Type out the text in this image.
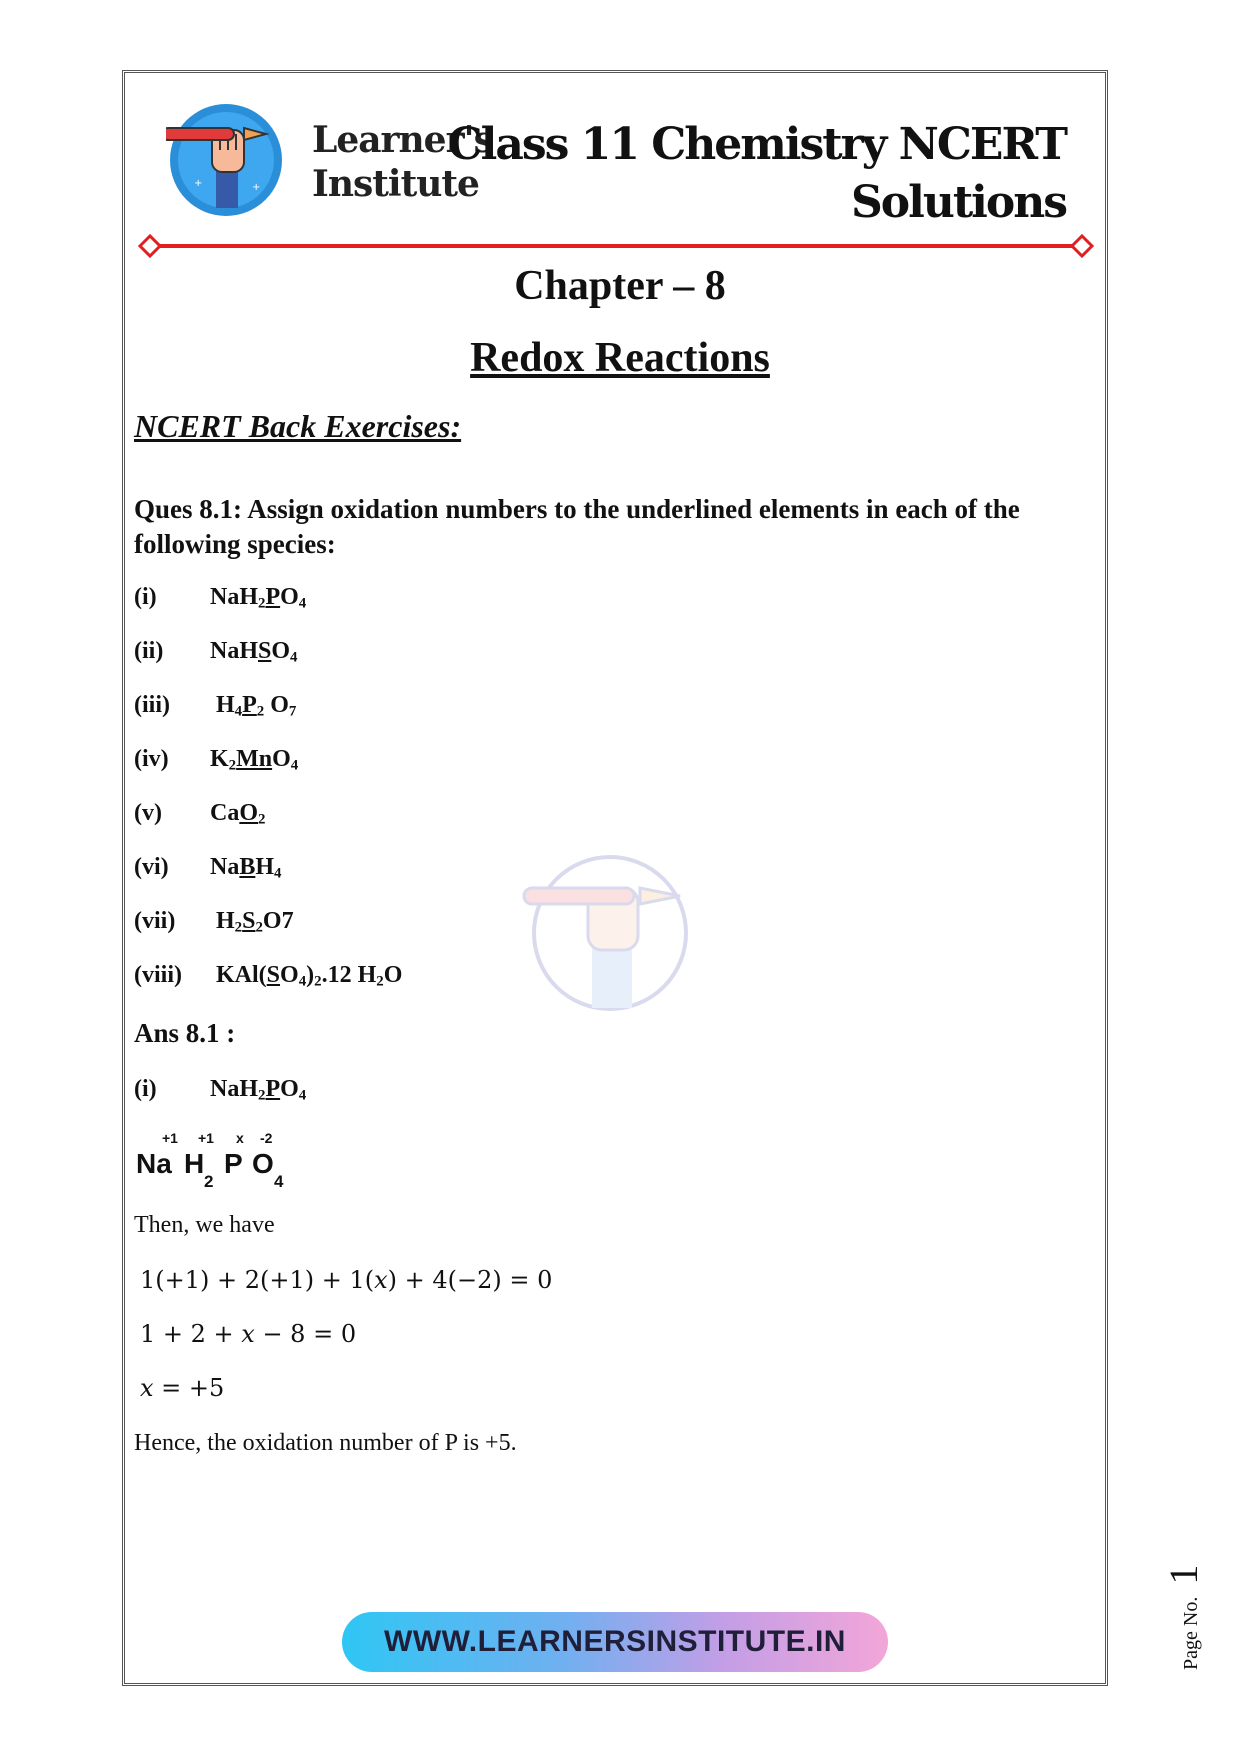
+	+
Learner's
Institute
Class 11 Chemistry NCERT
Solutions
Chapter – 8
Redox Reactions
NCERT Back Exercises:
Ques 8.1: Assign oxidation numbers to the underlined elements in each of the following species:
(i) $NaH_2PO_4$
(ii) NaHSO$_4$
(iii)  $H_4P_2$ $O_7$
(iv) $K_2MnO_4$
(v) CaO$_2$
(vi) NaBH$_4$
(vii)  $H_2S_2O7$
(viii)  $KAl(SO_4)_2.12$ $H_2O$
Ans 8.1 :
(i) $NaH_2PO_4$
+1 +1 x -2
Na H
2
P O
4
Then, we have
1(+1) + 2(+1) + 1(𝑥) + 4(−2) = 0
1 + 2 + 𝑥 − 8 = 0
𝑥 = +5
Hence, the oxidation number of P is +5.
WWW.LEARNERSINSTITUTE.IN	Page No.1
